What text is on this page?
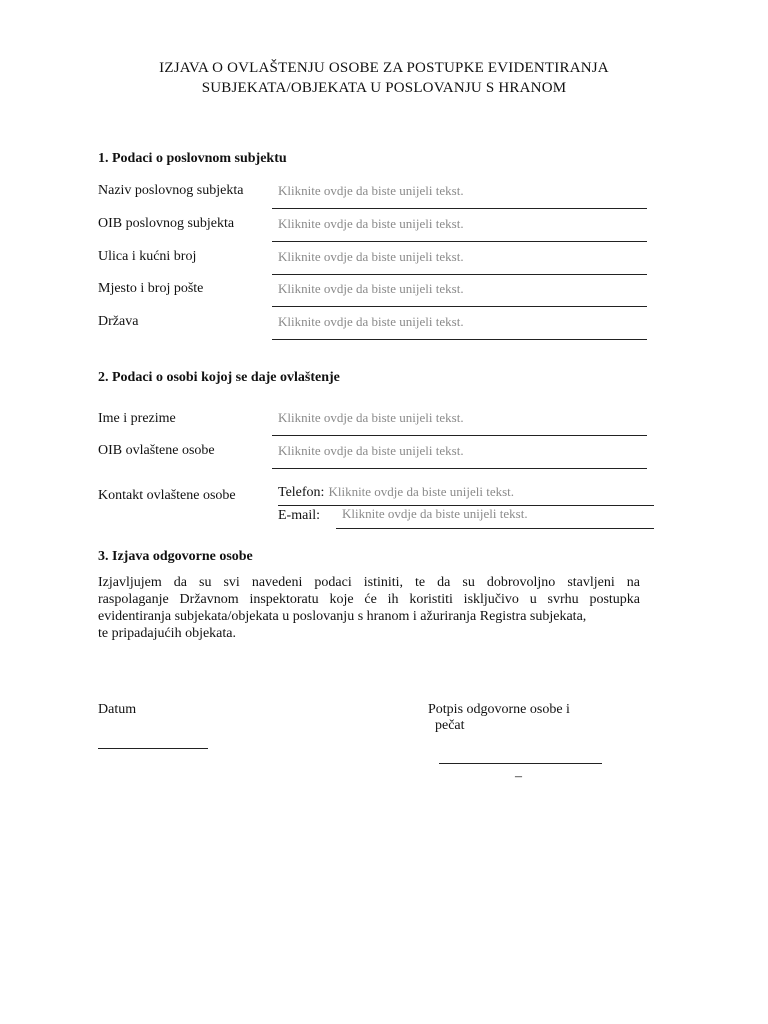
IZJAVA O OVLAŠTENJU OSOBE ZA POSTUPKE EVIDENTIRANJA
SUBJEKATA/OBJEKATA U POSLOVANJU S HRANOM
1. Podaci o poslovnom subjektu
Naziv poslovnog subjekta	Kliknite ovdje da biste unijeli tekst.
OIB poslovnog subjekta	Kliknite ovdje da biste unijeli tekst.
Ulica i kućni broj	Kliknite ovdje da biste unijeli tekst.
Mjesto i broj pošte	Kliknite ovdje da biste unijeli tekst.
Država	Kliknite ovdje da biste unijeli tekst.
2. Podaci o osobi kojoj se daje ovlaštenje
Ime i prezime	Kliknite ovdje da biste unijeli tekst.
OIB ovlaštene osobe	Kliknite ovdje da biste unijeli tekst.
Kontakt ovlaštene osobe	Telefon: Kliknite ovdje da biste unijeli tekst.
E-mail:	Kliknite ovdje da biste unijeli tekst.
3. Izjava odgovorne osobe
Izjavljujem da su svi navedeni podaci istiniti, te da su dobrovoljno stavljeni na
raspolaganje Državnom inspektoratu koje će ih koristiti isključivo u svrhu postupka
evidentiranja subjekata/objekata u poslovanju s hranom i ažuriranja Registra subjekata,
te pripadajućih objekata.
Datum	Potpis odgovorne osobe i
pečat
–
